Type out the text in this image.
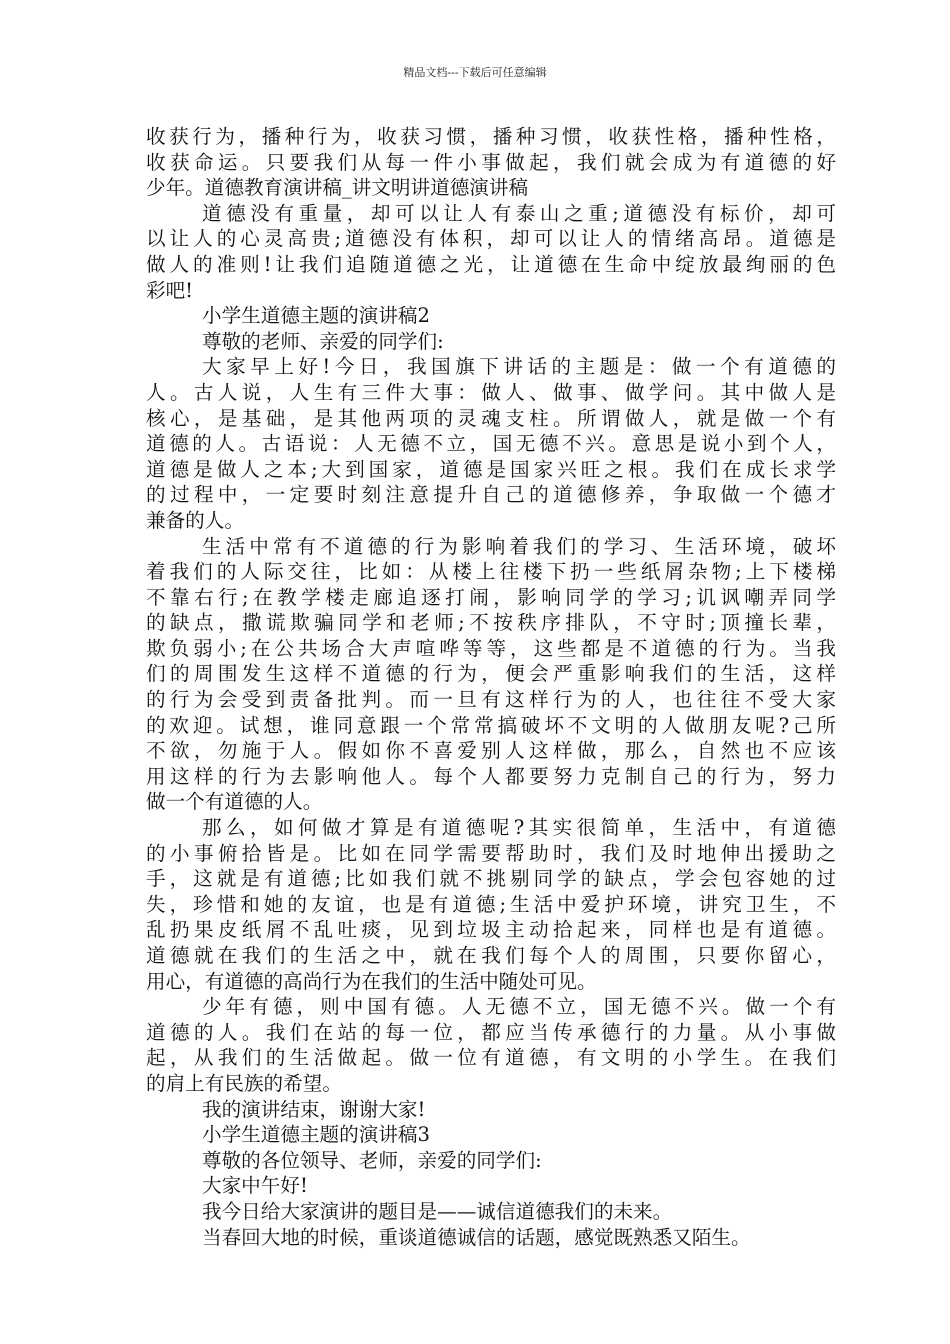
精品文档---下载后可任意编辑
收获行为，播种行为，收获习惯，播种习惯，收获性格，播种性格，
收获命运。只要我们从每一件小事做起，我们就会成为有道德的好
少年。道德教育演讲稿_讲文明讲道德演讲稿
道德没有重量，却可以让人有泰山之重;道德没有标价，却可
以让人的心灵高贵;道德没有体积，却可以让人的情绪高昂。道德是
做人的准则!让我们追随道德之光，让道德在生命中绽放最绚丽的色
彩吧!
小学生道德主题的演讲稿2
尊敬的老师、亲爱的同学们:
大家早上好!今日，我国旗下讲话的主题是：做一个有道德的
人。古人说，人生有三件大事：做人、做事、做学问。其中做人是
核心，是基础，是其他两项的灵魂支柱。所谓做人，就是做一个有
道德的人。古语说：人无德不立，国无德不兴。意思是说小到个人，
道德是做人之本;大到国家，道德是国家兴旺之根。我们在成长求学
的过程中，一定要时刻注意提升自己的道德修养，争取做一个德才
兼备的人。
生活中常有不道德的行为影响着我们的学习、生活环境，破坏
着我们的人际交往，比如：从楼上往楼下扔一些纸屑杂物;上下楼梯
不靠右行;在教学楼走廊追逐打闹，影响同学的学习;讥讽嘲弄同学
的缺点，撒谎欺骗同学和老师;不按秩序排队，不守时;顶撞长辈，
欺负弱小;在公共场合大声喧哗等等，这些都是不道德的行为。当我
们的周围发生这样不道德的行为，便会严重影响我们的生活，这样
的行为会受到责备批判。而一旦有这样行为的人，也往往不受大家
的欢迎。试想，谁同意跟一个常常搞破坏不文明的人做朋友呢?己所
不欲，勿施于人。假如你不喜爱别人这样做，那么，自然也不应该
用这样的行为去影响他人。每个人都要努力克制自己的行为，努力
做一个有道德的人。
那么，如何做才算是有道德呢?其实很简单，生活中，有道德
的小事俯拾皆是。比如在同学需要帮助时，我们及时地伸出援助之
手，这就是有道德;比如我们就不挑剔同学的缺点，学会包容她的过
失，珍惜和她的友谊，也是有道德;生活中爱护环境，讲究卫生，不
乱扔果皮纸屑不乱吐痰，见到垃圾主动拾起来，同样也是有道德。
道德就在我们的生活之中，就在我们每个人的周围，只要你留心，
用心，有道德的高尚行为在我们的生活中随处可见。
少年有德，则中国有德。人无德不立，国无德不兴。做一个有
道德的人。我们在站的每一位，都应当传承德行的力量。从小事做
起，从我们的生活做起。做一位有道德，有文明的小学生。在我们
的肩上有民族的希望。
我的演讲结束，谢谢大家!
小学生道德主题的演讲稿3
尊敬的各位领导、老师，亲爱的同学们:
大家中午好!
我今日给大家演讲的题目是——诚信道德我们的未来。
当春回大地的时候，重谈道德诚信的话题，感觉既熟悉又陌生。
